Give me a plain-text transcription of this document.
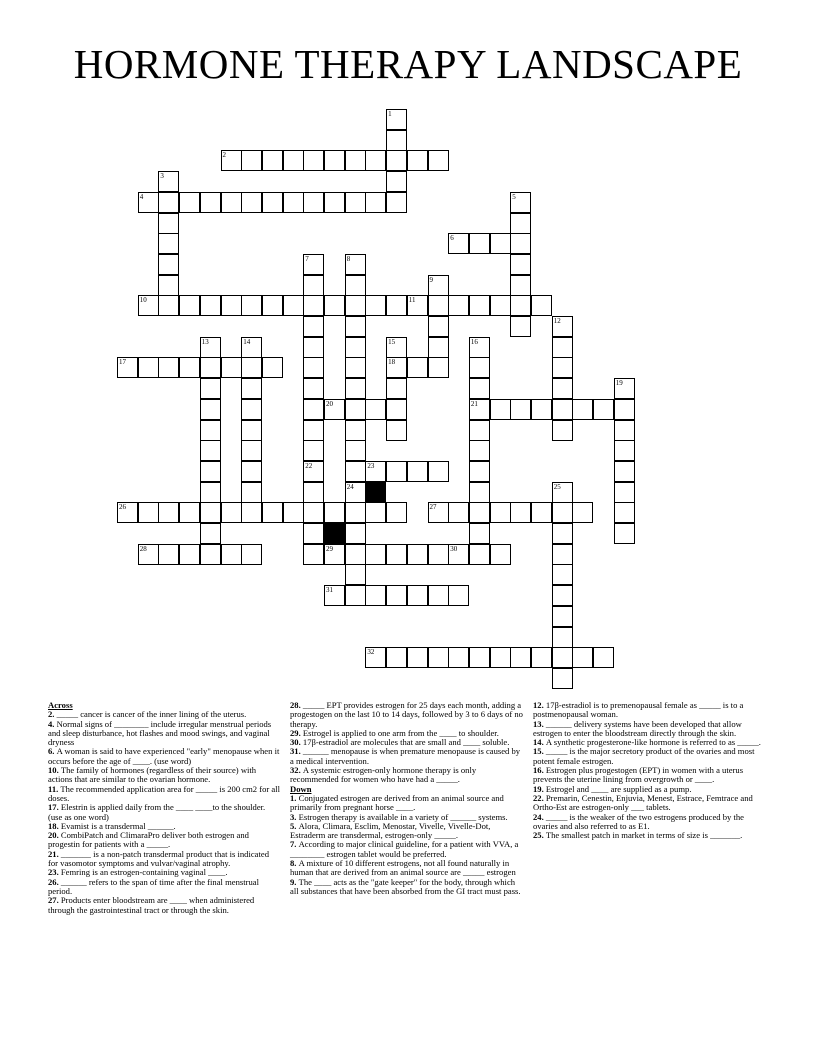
HORMONE THERAPY LANDSCAPE
1
2
3
4	5
6
7
22
8
24
9
10	11
12
13	14	15
18
16
21
17
19
20
23
25
26	27
28	29	30
31
32

Across

2. _____ cancer is cancer of the inner lining of the uterus.

4. Normal signs of ________ include irregular menstrual periods and sleep disturbance, hot flashes and mood swings, and vaginal dryness

6. A woman is said to have experienced "early" menopause when it occurs before the age of ____. (use word)

10. The family of hormones (regardless of their source) with actions that are similar to the ovarian hormone.

11. The recommended application area for _____ is 200 cm2 for all doses.

17. Elestrin is applied daily from the ____ ____to the shoulder. (use as one word)

18. Evamist is a transdermal ______.

20. CombiPatch and ClimaraPro deliver both estrogen and progestin for patients with a _____.

21. _______ is a non-patch transdermal product that is indicated for vasomotor symptoms and vulvar/vaginal atrophy.

23. Femring is an estrogen-containing vaginal ____.

26. ______ refers to the span of time after the final menstrual period.

27. Products enter bloodstream are ____ when administered through the gastrointestinal tract or through the skin.

28. _____ EPT provides estrogen for 25 days each month, adding a progestogen on the last 10 to 14 days, followed by 3 to 6 days of no therapy.

29. Estrogel is applied to one arm from the ____ to shoulder.

30. 17β-estradiol are molecules that are small and ____ soluble.

31. ______ menopause is when premature menopause is caused by a medical intervention.

32. A systemic estrogen-only hormone therapy is only recommended for women who have had a _____.

Down

1. Conjugated estrogen are derived from an animal source and primarily from pregnant horse ____.

3. Estrogen therapy is available in a variety of ______ systems.

5. Alora, Climara, Esclim, Menostar, Vivelle, Vivelle-Dot, Estraderm are transdermal, estrogen-only _____.

7. According to major clinical guideline, for a patient with VVA, a ________ estrogen tablet would be preferred.

8. A mixture of 10 different estrogens, not all found naturally in human that are derived from an animal source are _____ estrogen

9. The ____ acts as the "gate keeper" for the body, through which all substances that have been absorbed from the GI tract must pass.

12. 17β-estradiol is to premenopausal female as _____ is to a postmenopausal woman.

13. ______ delivery systems have been developed that allow estrogen to enter the bloodstream directly through the skin.

14. A synthetic progesterone-like hormone is referred to as _____.

15. _____ is the major secretory product of the ovaries and most potent female estrogen.

16. Estrogen plus progestogen (EPT) in women with a uterus prevents the uterine lining from overgrowth or ____.

19. Estrogel and ____ are supplied as a pump.

22. Premarin, Cenestin, Enjuvia, Menest, Estrace, Femtrace and Ortho-Est are estrogen-only ___ tablets.

24. _____ is the weaker of the two estrogens produced by the ovaries and also referred to as E1.

25. The smallest patch in market in terms of size is _______.
